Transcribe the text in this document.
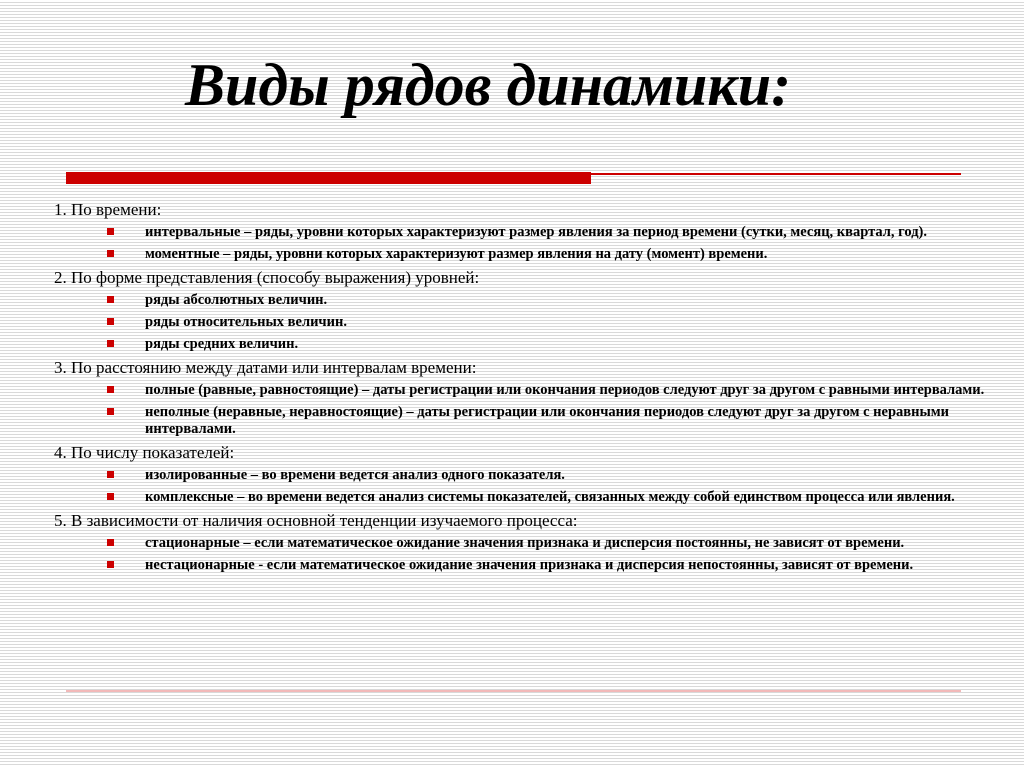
Виды рядов динамики:
1. По времени:
интервальные – ряды, уровни которых характеризуют размер явления за период времени (сутки, месяц, квартал, год).
моментные – ряды, уровни которых характеризуют размер явления на дату (момент) времени.
2. По форме представления (способу выражения) уровней:
ряды абсолютных величин.
ряды относительных величин.
ряды средних величин.
3. По расстоянию между датами или интервалам времени:
полные (равные, равностоящие) – даты регистрации или окончания периодов следуют друг за другом с равными интервалами.
неполные (неравные, неравностоящие) – даты регистрации или окончания периодов следуют друг за другом с неравными интервалами.
4. По числу показателей:
изолированные – во времени ведется анализ одного показателя.
комплексные – во времени ведется анализ системы показателей, связанных между собой единством процесса или явления.
5. В зависимости от наличия основной тенденции изучаемого процесса:
стационарные – если математическое ожидание значения признака и дисперсия постоянны, не зависят от времени.
нестационарные - если математическое ожидание значения признака и дисперсия непостоянны, зависят от времени.
